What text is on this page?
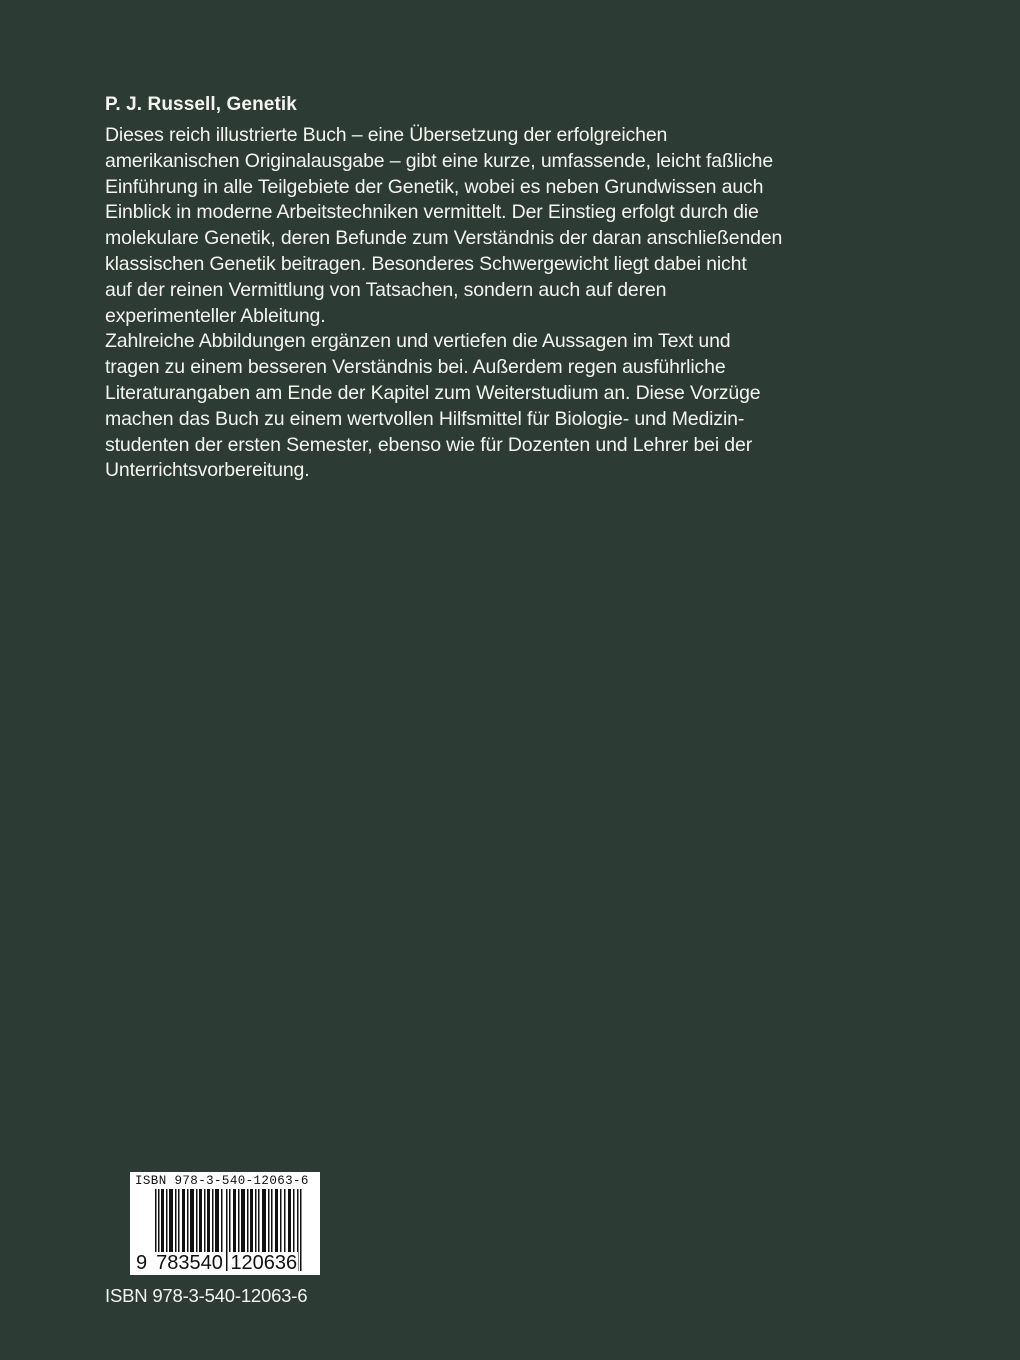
P. J. Russell, Genetik

Dieses reich illustrierte Buch – eine Übersetzung der erfolgreichen
amerikanischen Originalausgabe – gibt eine kurze, umfassende, leicht faßliche
Einführung in alle Teilgebiete der Genetik, wobei es neben Grundwissen auch
Einblick in moderne Arbeitstechniken vermittelt. Der Einstieg erfolgt durch die
molekulare Genetik, deren Befunde zum Verständnis der daran anschließenden
klassischen Genetik beitragen. Besonderes Schwergewicht liegt dabei nicht
auf der reinen Vermittlung von Tatsachen, sondern auch auf deren
experimenteller Ableitung.
Zahlreiche Abbildungen ergänzen und vertiefen die Aussagen im Text und
tragen zu einem besseren Verständnis bei. Außerdem regen ausführliche
Literaturangaben am Ende der Kapitel zum Weiterstudium an. Diese Vorzüge
machen das Buch zu einem wertvollen Hilfsmittel für Biologie- und Medizin-
studenten der ersten Semester, ebenso wie für Dozenten und Lehrer bei der
Unterrichtsvorbereitung.

ISBN 978-3-540-12063-6
9 783540 120636
ISBN 978-3-540-12063-6
